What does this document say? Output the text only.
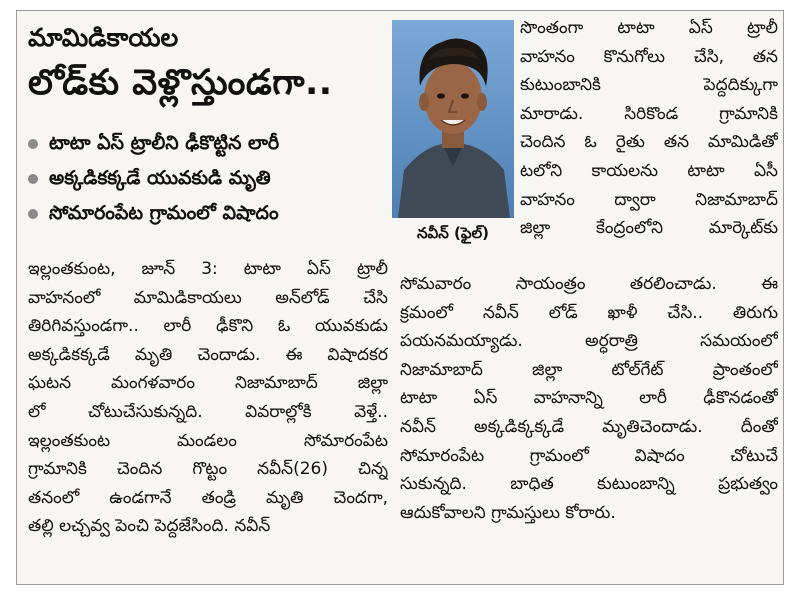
మామిడికాయల
లోడ్‌కు వెళ్లొస్తుండగా..
టాటా ఏస్ ట్రాలీని ఢీకొట్టిన లారీ
అక్కడికక్కడే యువకుడి మృతి
సోమారంపేట గ్రామంలో విషాదం
నవీన్ (ఫైల్)
సొంతంగా టాటా ఏస్ ట్రాలీ
వాహనం కొనుగోలు చేసి, తన
కుటుంబానికి పెద్దదిక్కుగా
మారాడు. సిరికొండ గ్రామానికి
చెందిన ఓ రైతు తన మామిడితో
టలోని కాయలను టాటా ఏసీ
వాహనం ద్వారా నిజామాబాద్
జిల్లా కేంద్రంలోని మార్కెట్‌కు
ఇల్లంతకుంట, జూన్ 3: టాటా ఏస్ ట్రాలీ
వాహనంలో మామిడికాయలు అన్‌లోడ్ చేసి
తిరిగివస్తుండగా.. లారీ ఢీకొని ఓ యువకుడు
అక్కడికక్కడే మృతి చెందాడు. ఈ విషాదకర
ఘటన మంగళవారం నిజామాబాద్ జిల్లా
లో చోటుచేసుకున్నది. వివరాల్లోకి వెళ్తే..
ఇల్లంతకుంట మండలం సోమారంపేట
గ్రామానికి చెందిన గొట్టం నవీన్(26) చిన్న
తనంలో ఉండగానే తండ్రి మృతి చెందగా,
తల్లి లచ్చవ్వ పెంచి పెద్దజేసింది. నవీన్
సోమవారం సాయంత్రం తరలించాడు. ఈ
క్రమంలో నవీన్ లోడ్ ఖాళీ చేసి.. తిరుగు
పయనమయ్యాడు. అర్ధరాత్రి సమయంలో
నిజామాబాద్ జిల్లా టోల్‌గేట్ ప్రాంతంలో
టాటా ఏస్ వాహనాన్ని లారీ ఢీకొనడంతో
నవీన్ అక్కడిక్కక్కడే మృతిచెందాడు. దీంతో
సోమారంపేట గ్రామంలో విషాదం చోటుచే
సుకున్నది. బాధిత కుటుంబాన్ని ప్రభుత్వం
ఆదుకోవాలని గ్రామస్తులు కోరారు.
